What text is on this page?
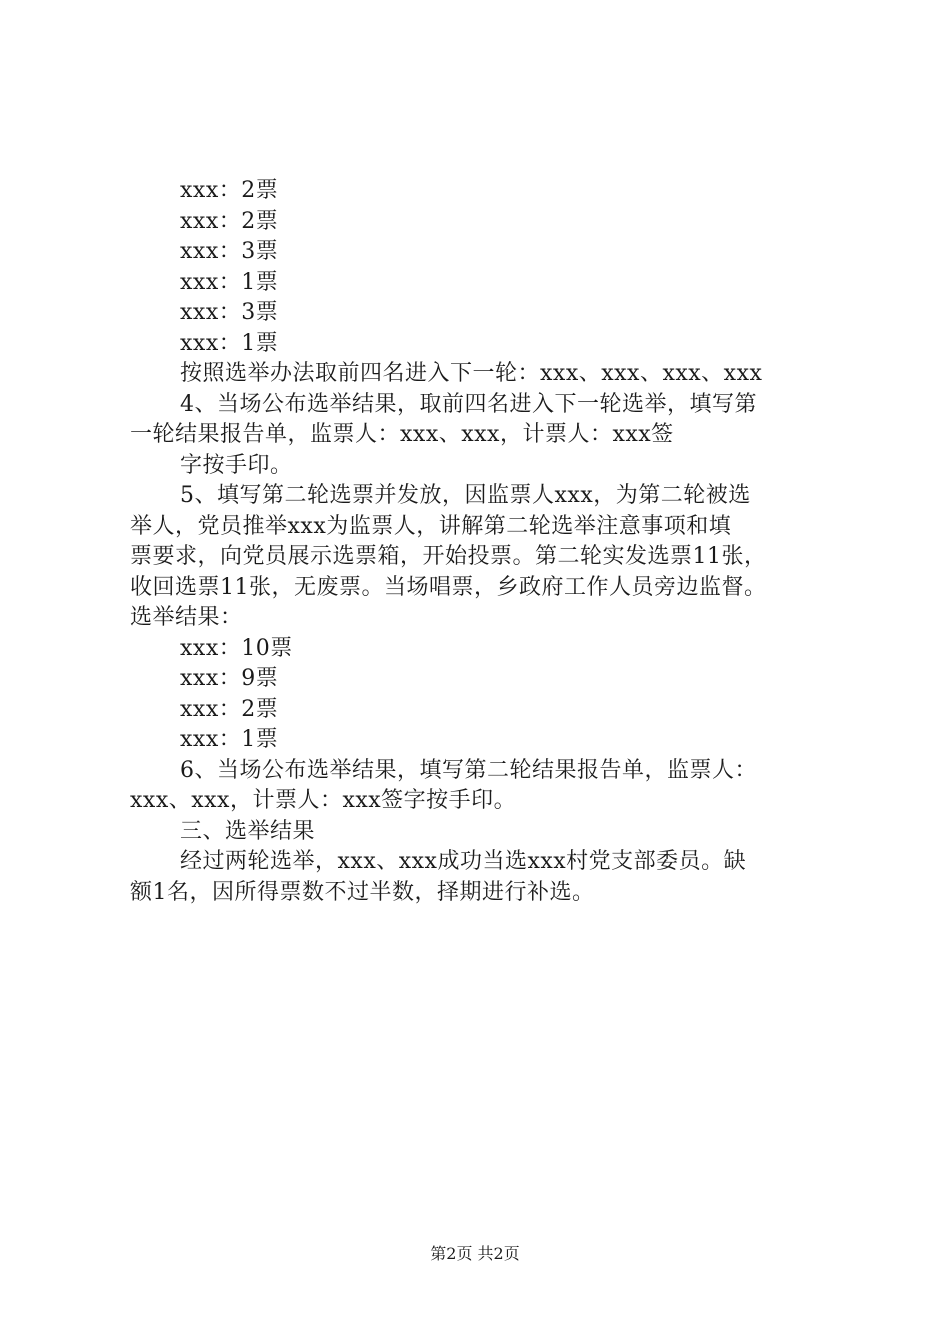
xxx：2票
xxx：2票
xxx：3票
xxx：1票
xxx：3票
xxx：1票
按照选举办法取前四名进入下一轮：xxx、xxx、xxx、xxx
4、当场公布选举结果，取前四名进入下一轮选举，填写第
一轮结果报告单，监票人：xxx、xxx，计票人：xxx签
字按手印。
5、填写第二轮选票并发放，因监票人xxx，为第二轮被选
举人，党员推举xxx为监票人，讲解第二轮选举注意事项和填
票要求，向党员展示选票箱，开始投票。第二轮实发选票11张，
收回选票11张，无废票。当场唱票，乡政府工作人员旁边监督。
选举结果：
xxx：10票
xxx：9票
xxx：2票
xxx：1票
6、当场公布选举结果，填写第二轮结果报告单，监票人：
xxx、xxx，计票人：xxx签字按手印。
三、选举结果
经过两轮选举，xxx、xxx成功当选xxx村党支部委员。缺
额1名，因所得票数不过半数，择期进行补选。
第2页 共2页
